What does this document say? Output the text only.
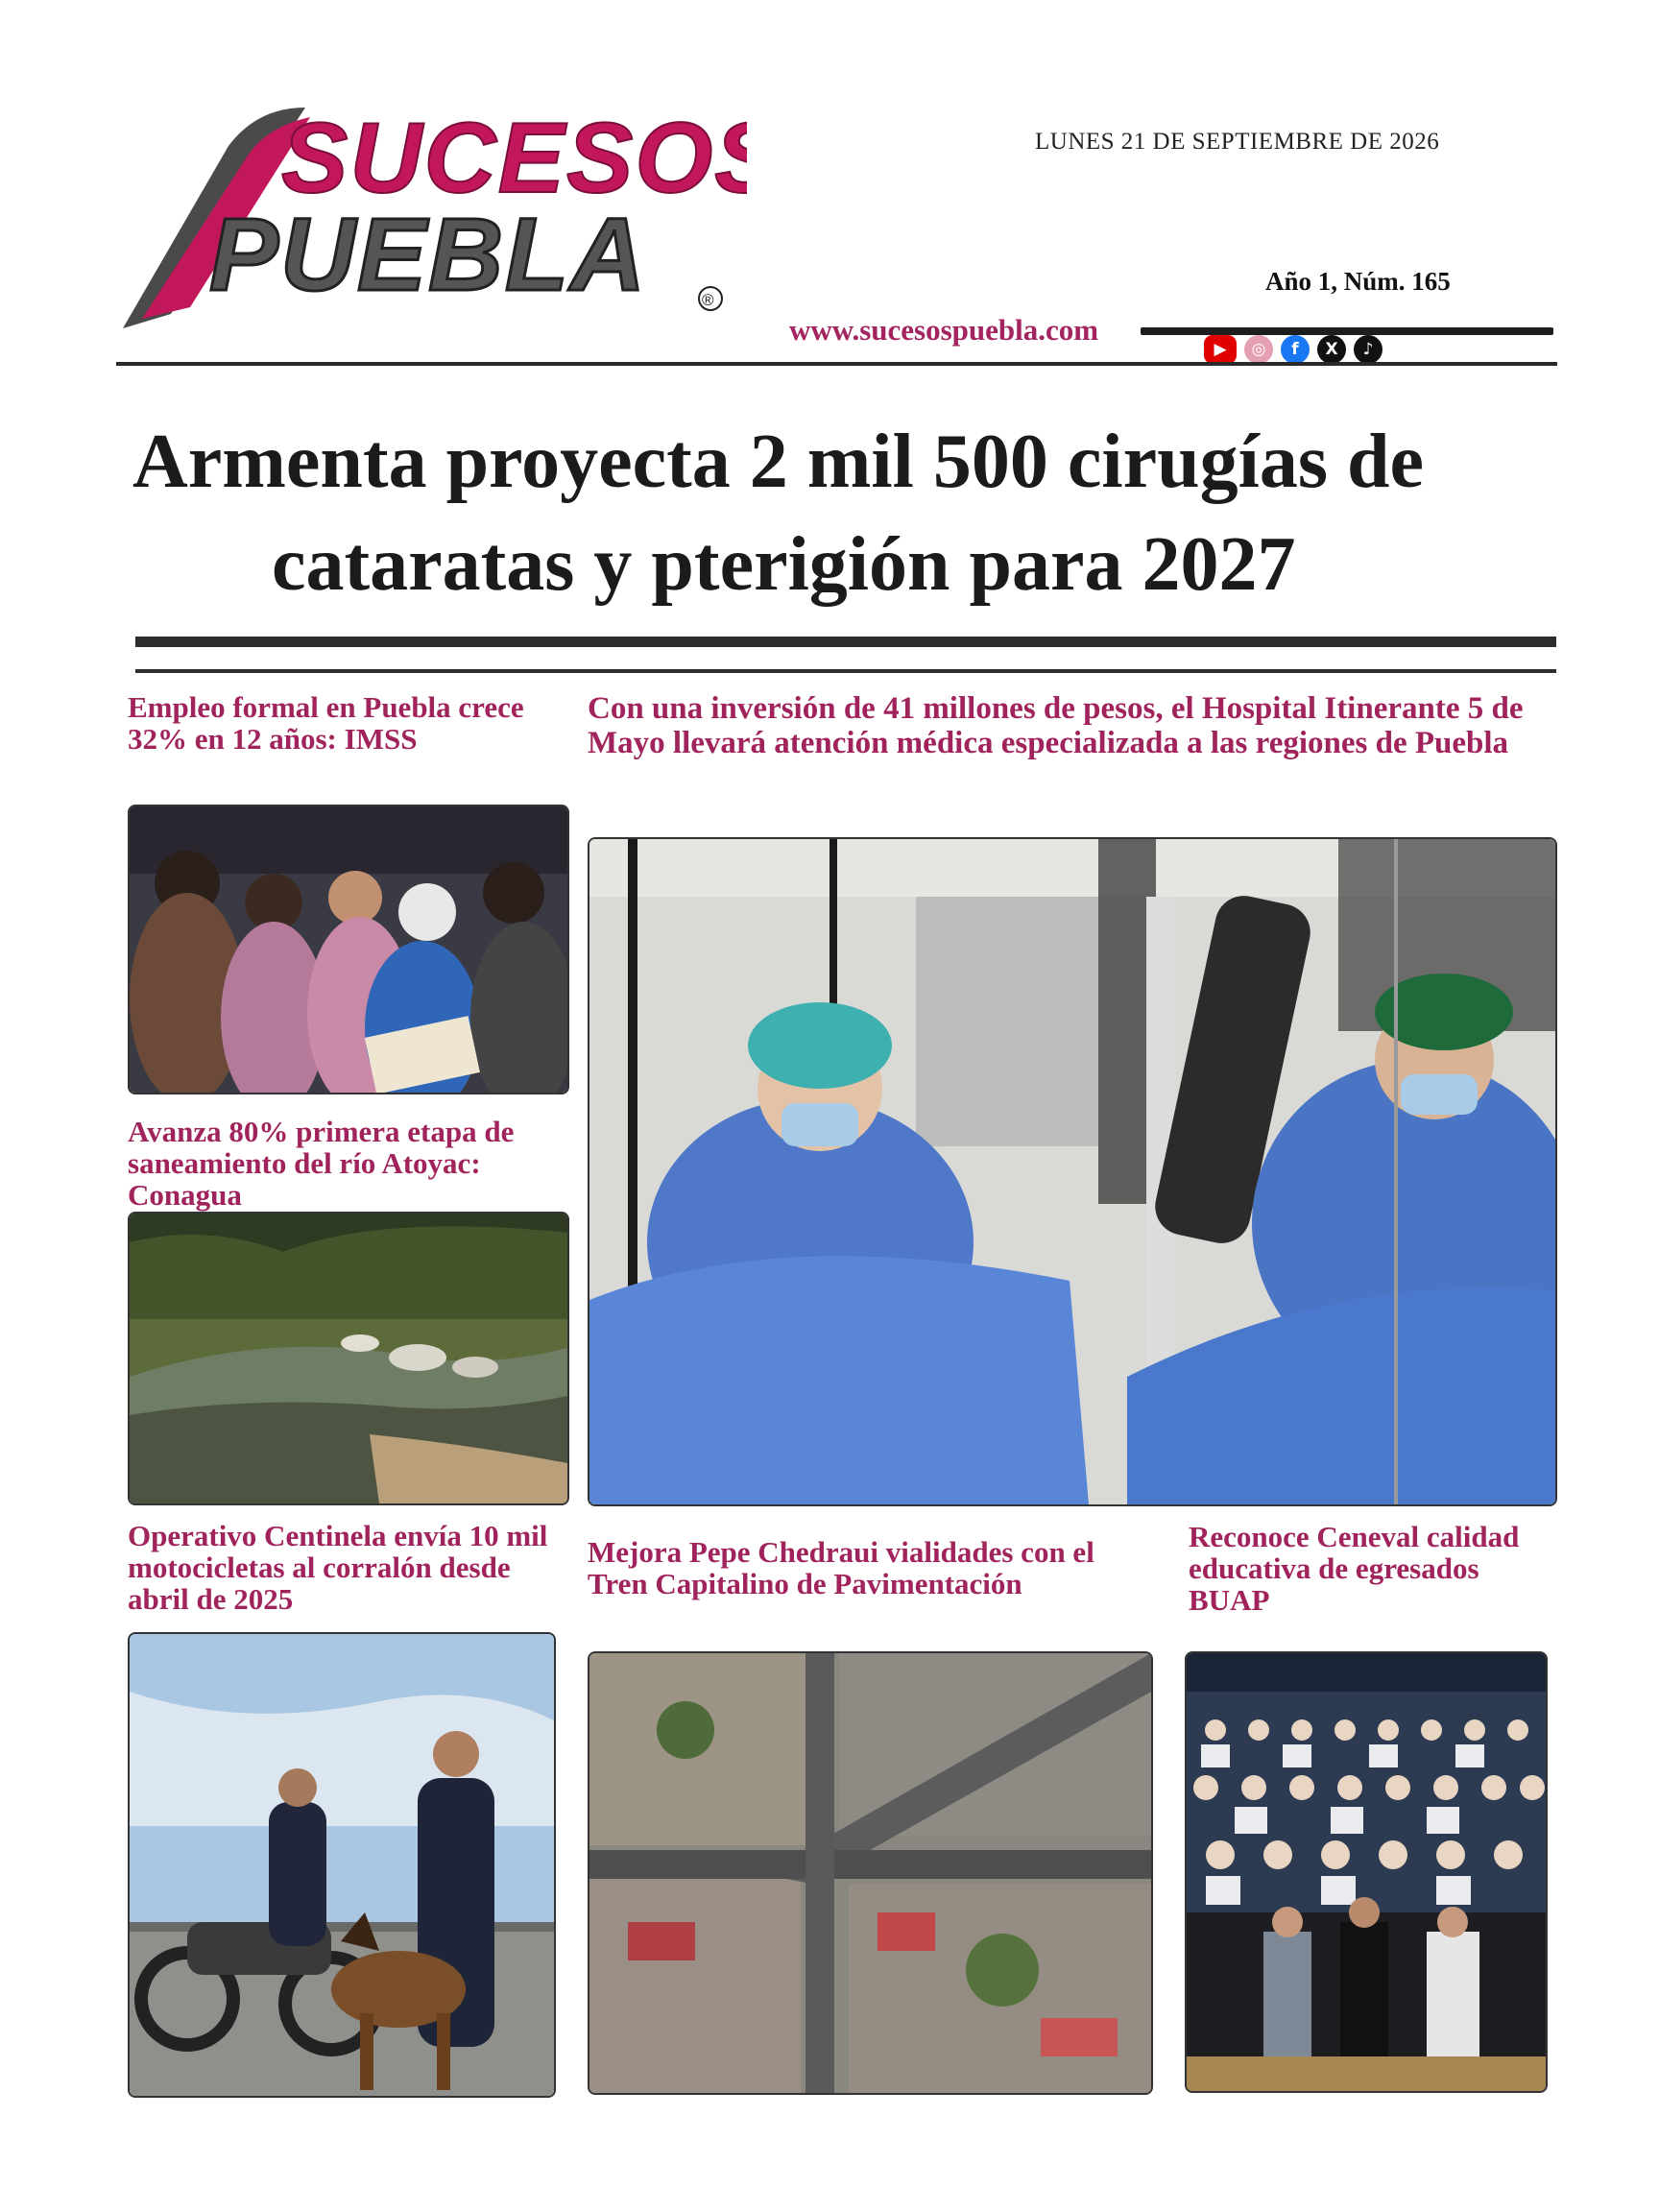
SUCESOS
PUEBLA	®
LUNES 21 DE SEPTIEMBRE DE 2026
Año 1, Núm. 165
www.sucesospuebla.com
▶	◎	f	X	♪
Armenta proyecta 2 mil 500 cirugías de
cataratas y pterigión para 2027
Empleo formal en Puebla crece 32% en 12 años: IMSS
Con una inversión de 41 millones de pesos, el Hospital Itinerante 5 de Mayo llevará atención médica especializada a las regiones de Puebla
Avanza 80% primera etapa de saneamiento del río Atoyac: Conagua
Operativo Centinela envía 10 mil motocicletas al corralón desde abril de 2025
Mejora Pepe Chedraui vialidades con el Tren Capitalino de Pavimentación
Reconoce Ceneval calidad educativa de egresados BUAP
